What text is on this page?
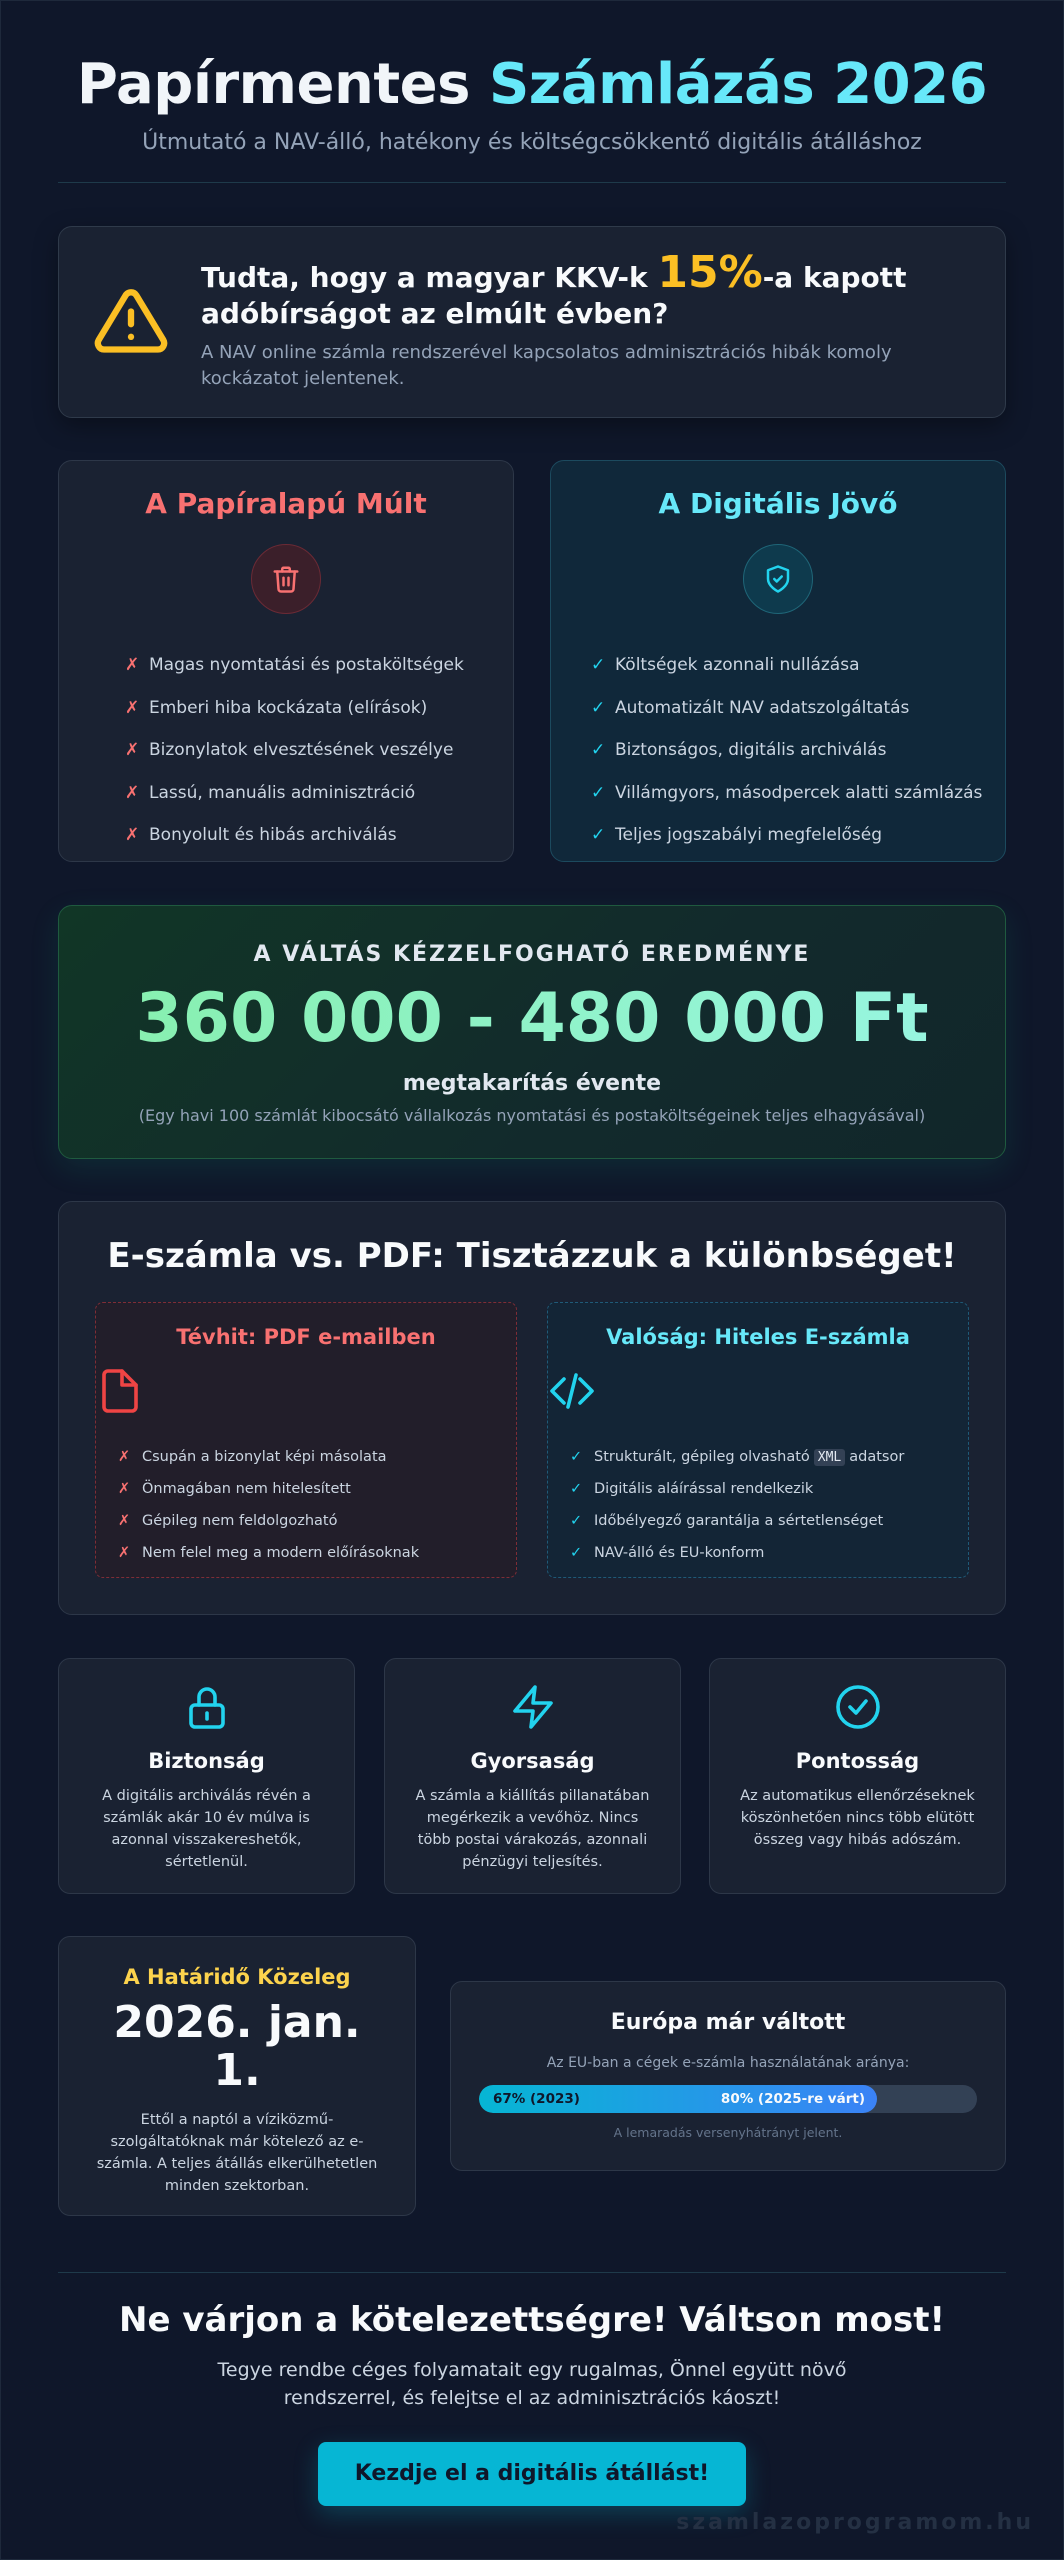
Papírmentes Számlázás 2026
Útmutató a NAV-álló, hatékony és költségcsökkentő digitális átálláshoz
Tudta, hogy a magyar KKV-k 15%-a kapott adóbírságot az elmúlt évben?
A NAV online számla rendszerével kapcsolatos adminisztrációs hibák komoly kockázatot jelentenek.
A Papíralapú Múlt
✗ Magas nyomtatási és postaköltségek
✗ Emberi hiba kockázata (elírások)
✗ Bizonylatok elvesztésének veszélye
✗ Lassú, manuális adminisztráció
✗ Bonyolult és hibás archiválás
A Digitális Jövő
✓ Költségek azonnali nullázása
✓ Automatizált NAV adatszolgáltatás
✓ Biztonságos, digitális archiválás
✓ Villámgyors, másodpercek alatti számlázás
✓ Teljes jogszabályi megfelelőség
A VÁLTÁS KÉZZELFOGHATÓ EREDMÉNYE
360 000 - 480 000 Ft
megtakarítás évente
(Egy havi 100 számlát kibocsátó vállalkozás nyomtatási és postaköltségeinek teljes elhagyásával)
E-számla vs. PDF: Tisztázzuk a különbséget!
Tévhit: PDF e-mailben
✗ Csupán a bizonylat képi másolata
✗ Önmagában nem hitelesített
✗ Gépileg nem feldolgozható
✗ Nem felel meg a modern előírásoknak
Valóság: Hiteles E-számla
✓ Strukturált, gépileg olvasható XML adatsor
✓ Digitális aláírással rendelkezik
✓ Időbélyegző garantálja a sértetlenséget
✓ NAV-álló és EU-konform
Biztonság

A digitális archiválás révén a számlák akár 10 év múlva is azonnal visszakereshetők, sértetlenül.

Gyorsaság

A számla a kiállítás pillanatában megérkezik a vevőhöz. Nincs több postai várakozás, azonnali pénzügyi teljesítés.

Pontosság

Az automatikus ellenőrzéseknek köszönhetően nincs több elütött összeg vagy hibás adószám.

A Határidő Közeleg
2026. jan. 1.

Ettől a naptól a víziközmű-szolgáltatóknak már kötelező az e-számla. A teljes átállás elkerülhetetlen minden szektorban.

Európa már váltott
Az EU-ban a cégek e-számla használatának aránya:
67% (2023)	80% (2025-re várt)
A lemaradás versenyhátrányt jelent.
Ne várjon a kötelezettségre! Váltson most!

Tegye rendbe céges folyamatait egy rugalmas, Önnel együtt növő rendszerrel, és felejtse el az adminisztrációs káoszt!

Kezdje el a digitális átállást!
szamlazoprogramom.hu
